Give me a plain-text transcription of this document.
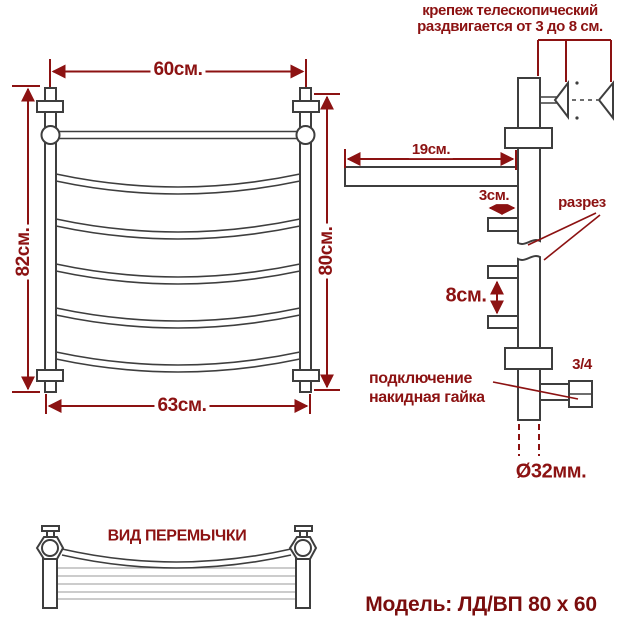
крепеж телескопический
раздвигается от 3 до 8 см.
60см.
82см.	80см.
63см.
19см.
3см.	разрез
8см.
подключение
накидная гайка
3/4
Ø32мм.
ВИД ПЕРЕМЫЧКИ
Модель: ЛД/ВП 80 х 60
